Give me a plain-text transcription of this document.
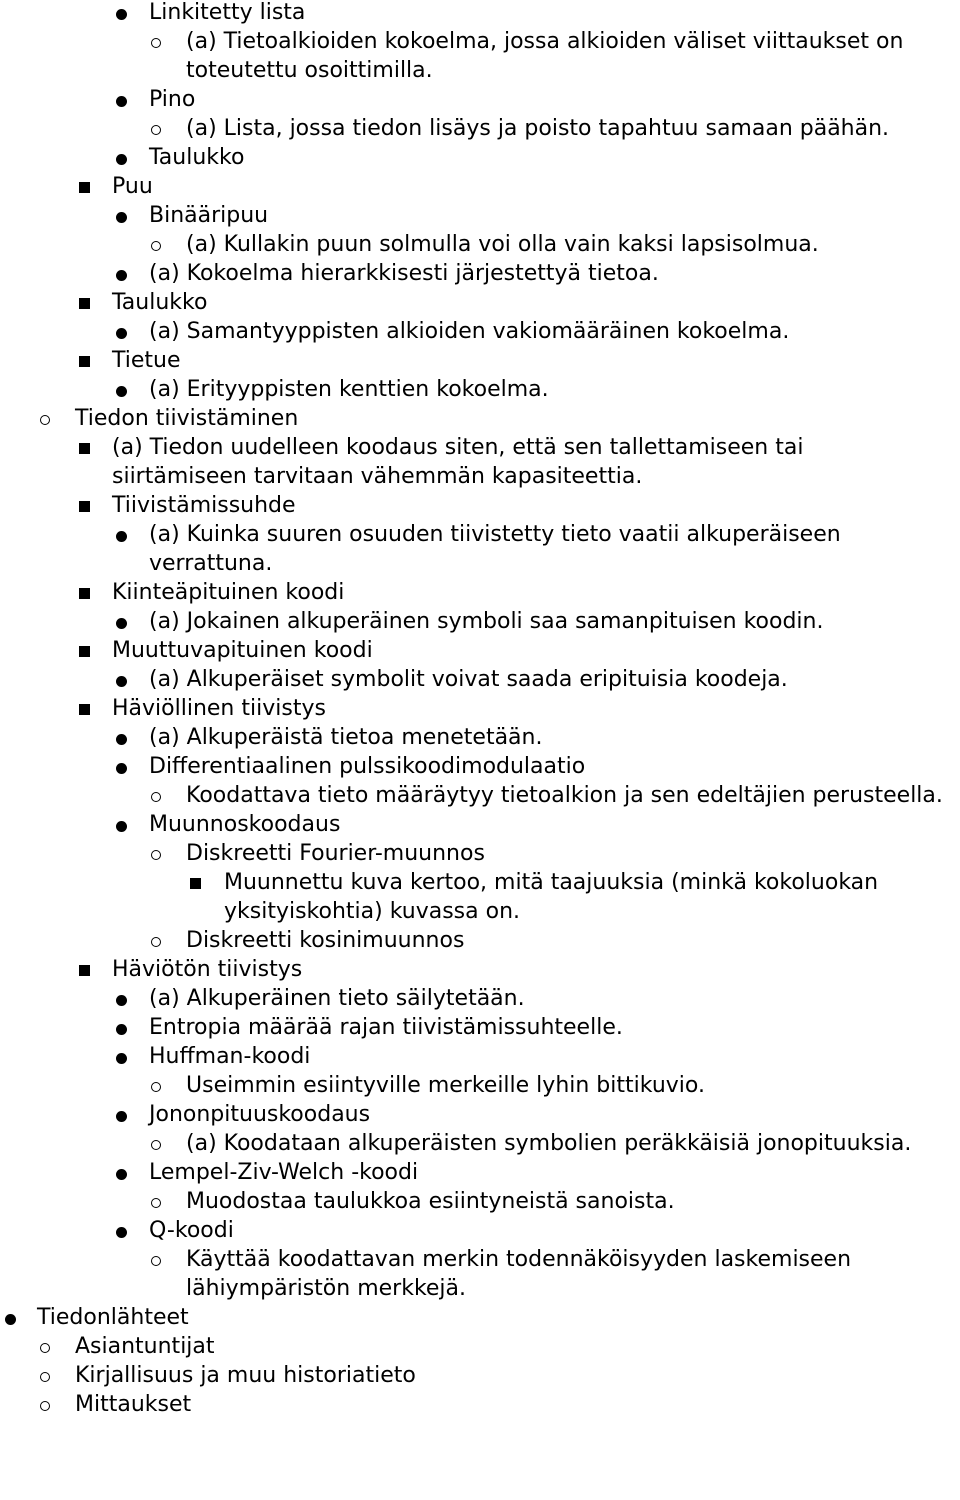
Linkitetty lista
(a) Tietoalkioiden kokoelma, jossa alkioiden väliset viittaukset on toteutettu osoittimilla.
Pino
(a) Lista, jossa tiedon lisäys ja poisto tapahtuu samaan päähän.
Taulukko
Puu
Binääripuu
(a) Kullakin puun solmulla voi olla vain kaksi lapsisolmua.
(a) Kokoelma hierarkkisesti järjestettyä tietoa.
Taulukko
(a) Samantyyppisten alkioiden vakiomääräinen kokoelma.
Tietue
(a) Erityyppisten kenttien kokoelma.
Tiedon tiivistäminen
(a) Tiedon uudelleen koodaus siten, että sen tallettamiseen tai siirtämiseen tarvitaan vähemmän kapasiteettia.
Tiivistämissuhde
(a) Kuinka suuren osuuden tiivistetty tieto vaatii alkuperäiseen verrattuna.
Kiinteäpituinen koodi
(a) Jokainen alkuperäinen symboli saa samanpituisen koodin.
Muuttuvapituinen koodi
(a) Alkuperäiset symbolit voivat saada eripituisia koodeja.
Häviöllinen tiivistys
(a) Alkuperäistä tietoa menetetään.
Differentiaalinen pulssikoodimodulaatio
Koodattava tieto määräytyy tietoalkion ja sen edeltäjien perusteella.
Muunnoskoodaus
Diskreetti Fourier-muunnos
Muunnettu kuva kertoo, mitä taajuuksia (minkä kokoluokan yksityiskohtia) kuvassa on.
Diskreetti kosinimuunnos
Häviötön tiivistys
(a) Alkuperäinen tieto säilytetään.
Entropia määrää rajan tiivistämissuhteelle.
Huffman-koodi
Useimmin esiintyville merkeille lyhin bittikuvio.
Jononpituuskoodaus
(a) Koodataan alkuperäisten symbolien peräkkäisiä jonopituuksia.
Lempel-Ziv-Welch -koodi
Muodostaa taulukkoa esiintyneistä sanoista.
Q-koodi
Käyttää koodattavan merkin todennäköisyyden laskemiseen lähiympäristön merkkejä.
Tiedonlähteet
Asiantuntijat
Kirjallisuus ja muu historiatieto
Mittaukset
